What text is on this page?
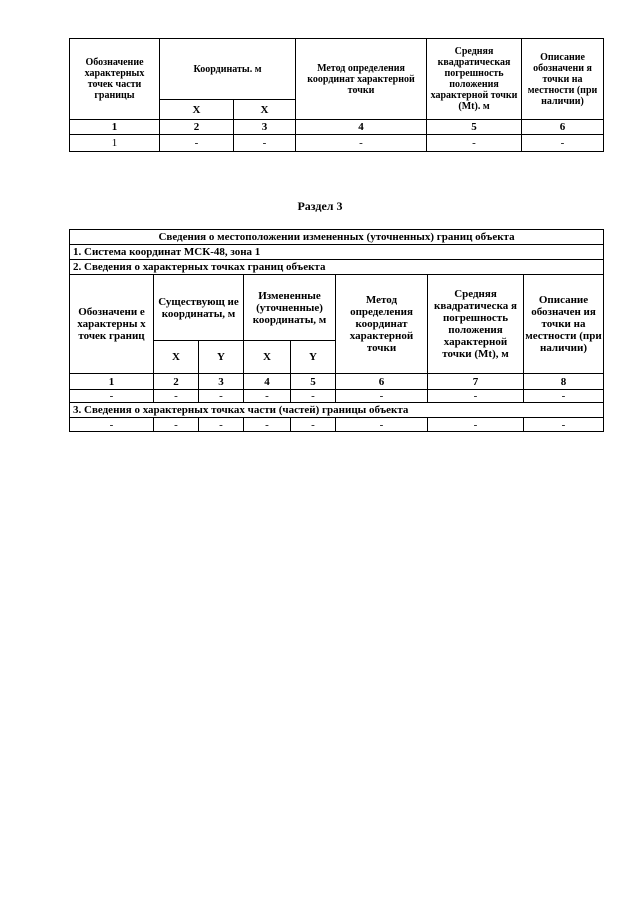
Обозначение характерных точек части границы	Координаты. м		Метод определения координат характерной точки	Средняя квадратическая погрешность положения характерной точки (Mt). м	Описание обозначени я точки на местности (при наличии)
	Х	Х			
1	2	3	4	5	6
1	-	-	-	-	-
Раздел 3
Сведения о местоположении измененных (уточненных) границ объекта							
1. Система координат МСК-48, зона 1							
2. Сведения о характерных точках границ объекта							
Обозначени е характерны х точек границ	Существующ ие координаты, м		Измененные (уточненные) координаты, м		Метод определения координат характерной точки	Средняя квадратическа я погрешность положения характерной точки (Mt), м	Описание обозначен ия точки на местности (при наличии)
	Х	Y	Х	Y			
1	2	3	4	5	6	7	8
-	-	-	-	-	-	-	-
3. Сведения о характерных точках части (частей) границы объекта							
-	-	-	-	-	-	-	-
